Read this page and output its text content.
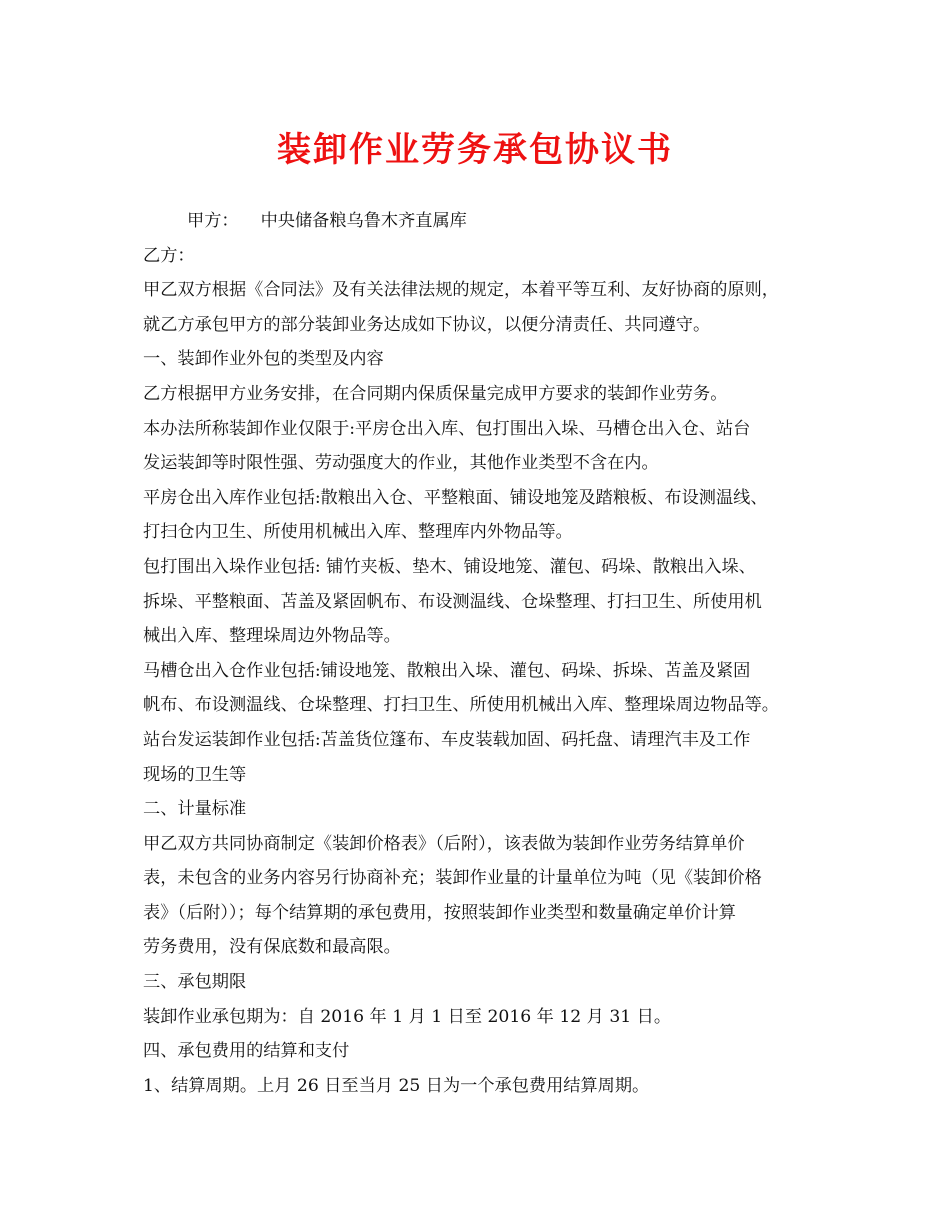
装卸作业劳务承包协议书
甲方： 中央储备粮乌鲁木齐直属库
乙方：
甲乙双方根据《合同法》及有关法律法规的规定，本着平等互利、友好协商的原则，
就乙方承包甲方的部分装卸业务达成如下协议，以便分清责任、共同遵守。
一、装卸作业外包的类型及内容
乙方根据甲方业务安排，在合同期内保质保量完成甲方要求的装卸作业劳务。
本办法所称装卸作业仅限于:平房仓出入库、包打围出入垛、马槽仓出入仓、站台
发运装卸等时限性强、劳动强度大的作业，其他作业类型不含在内。
平房仓出入库作业包括:散粮出入仓、平整粮面、铺设地笼及踏粮板、布设测温线、
打扫仓内卫生、所使用机械出入库、整理库内外物品等。
包打围出入垛作业包括: 铺竹夹板、垫木、铺设地笼、灌包、码垛、散粮出入垛、
拆垛、平整粮面、苫盖及紧固帆布、布设测温线、仓垛整理、打扫卫生、所使用机
械出入库、整理垛周边外物品等。
马槽仓出入仓作业包括:铺设地笼、散粮出入垛、灌包、码垛、拆垛、苫盖及紧固
帆布、布设测温线、仓垛整理、打扫卫生、所使用机械出入库、整理垛周边物品等。
站台发运装卸作业包括:苫盖货位篷布、车皮装载加固、码托盘、请理汽丰及工作
现场的卫生等
二、计量标准
甲乙双方共同协商制定《装卸价格表》（后附），该表做为装卸作业劳务结算单价
表，未包含的业务内容另行协商补充；装卸作业量的计量单位为吨（见《装卸价格
表》（后附））；每个结算期的承包费用，按照装卸作业类型和数量确定单价计算
劳务费用，没有保底数和最高限。
三、承包期限
装卸作业承包期为：自 2016 年 1 月 1 日至 2016 年 12 月 31 日。
四、承包费用的结算和支付
1、结算周期。上月 26 日至当月 25 日为一个承包费用结算周期。
